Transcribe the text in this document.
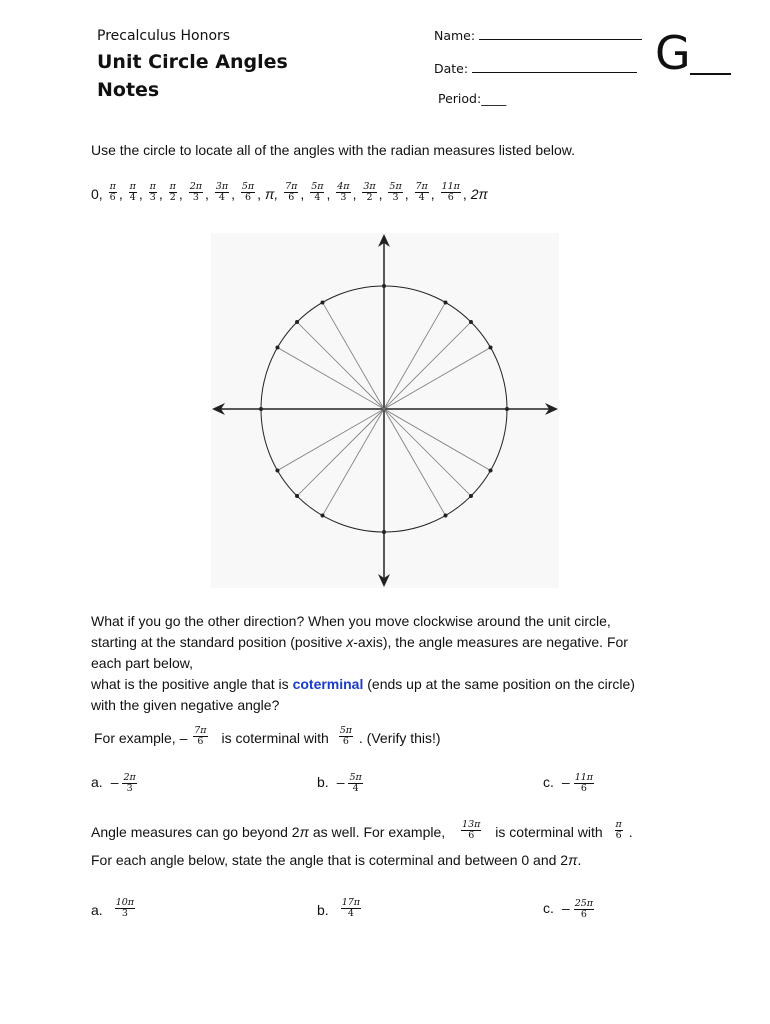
Precalculus Honors
Unit Circle Angles
Notes
Name:
Date:
Period:____
G
Use the circle to locate all of the angles with the radian measures listed below.
0, $\frac{\pi}{6}$ , $\frac{\pi}{4}$ , $\frac{\pi}{3}$ , $\frac{\pi}{2}$ , $\frac{2\pi}{3}$ , $\frac{3\pi}{4}$ , $\frac{5\pi}{6}$ , π, $\frac{7\pi}{6}$ , $\frac{5\pi}{4}$ , $\frac{4\pi}{3}$ , $\frac{3\pi}{2}$ , $\frac{5\pi}{3}$ , $\frac{7\pi}{4}$ , $\frac{11\pi}{6}$ , 2π
What if you go the other direction? When you move clockwise around the unit circle,
starting at the standard position (positive x-axis), the angle measures are negative. For
each part below,
what is the positive angle that is coterminal (ends up at the same position on the circle)
with the given negative angle?
For example, – $\frac{7\pi}{6}$ is coterminal with $\frac{5\pi}{6}$ . (Verify this!)
a. – $\frac{2\pi}{3}$	b. – $\frac{5\pi}{4}$	c. – $\frac{11\pi}{6}$
Angle measures can go beyond 2π as well. For example, $\frac{13\pi}{6}$ is coterminal with $\frac{\pi}{6}$ .
For each angle below, state the angle that is coterminal and between 0 and 2π.
a. $\frac{10\pi}{3}$	b. $\frac{17\pi}{4}$	c. – $\frac{25\pi}{6}$
